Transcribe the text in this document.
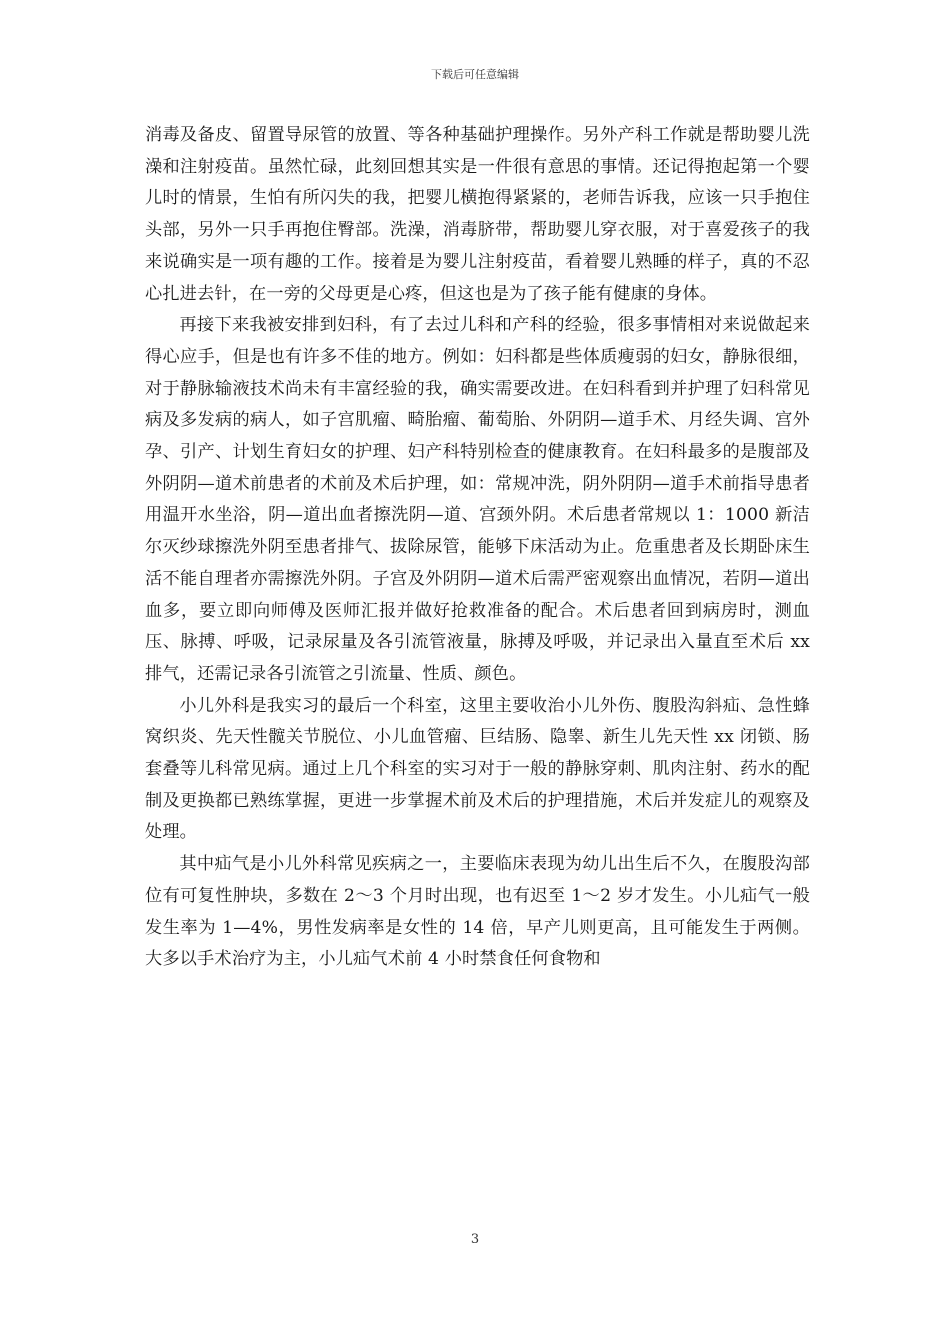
下载后可任意编辑

消毒及备皮、留置导尿管的放置、等各种基础护理操作。另外产科工作就是帮助婴儿洗澡和注射疫苗。虽然忙碌，此刻回想其实是一件很有意思的事情。还记得抱起第一个婴儿时的情景，生怕有所闪失的我，把婴儿横抱得紧紧的，老师告诉我，应该一只手抱住头部，另外一只手再抱住臀部。洗澡，消毒脐带，帮助婴儿穿衣服，对于喜爱孩子的我来说确实是一项有趣的工作。接着是为婴儿注射疫苗，看着婴儿熟睡的样子，真的不忍心扎进去针，在一旁的父母更是心疼，但这也是为了孩子能有健康的身体。

再接下来我被安排到妇科，有了去过儿科和产科的经验，很多事情相对来说做起来得心应手，但是也有许多不佳的地方。例如：妇科都是些体质瘦弱的妇女，静脉很细，对于静脉输液技术尚未有丰富经验的我，确实需要改进。在妇科看到并护理了妇科常见病及多发病的病人，如子宫肌瘤、畸胎瘤、葡萄胎、外阴阴—道手术、月经失调、宫外孕、引产、计划生育妇女的护理、妇产科特别检查的健康教育。在妇科最多的是腹部及外阴阴—道术前患者的术前及术后护理，如：常规冲洗，阴外阴阴—道手术前指导患者用温开水坐浴，阴—道出血者擦洗阴—道、宫颈外阴。术后患者常规以 1：1000 新洁尔灭纱球擦洗外阴至患者排气、拔除尿管，能够下床活动为止。危重患者及长期卧床生活不能自理者亦需擦洗外阴。子宫及外阴阴—道术后需严密观察出血情况，若阴—道出血多，要立即向师傅及医师汇报并做好抢救准备的配合。术后患者回到病房时，测血压、脉搏、呼吸，记录尿量及各引流管液量，脉搏及呼吸，并记录出入量直至术后 xx 排气，还需记录各引流管之引流量、性质、颜色。

小儿外科是我实习的最后一个科室，这里主要收治小儿外伤、腹股沟斜疝、急性蜂窝织炎、先天性髋关节脱位、小儿血管瘤、巨结肠、隐睾、新生儿先天性 xx 闭锁、肠套叠等儿科常见病。通过上几个科室的实习对于一般的静脉穿刺、肌肉注射、药水的配制及更换都已熟练掌握，更进一步掌握术前及术后的护理措施，术后并发症儿的观察及处理。

其中疝气是小儿外科常见疾病之一，主要临床表现为幼儿出生后不久，在腹股沟部位有可复性肿块，多数在 2～3 个月时出现，也有迟至 1～2 岁才发生。小儿疝气一般发生率为 1—4%，男性发病率是女性的 14 倍，早产儿则更高，且可能发生于两侧。大多以手术治疗为主，小儿疝气术前 4 小时禁食任何食物和

3
